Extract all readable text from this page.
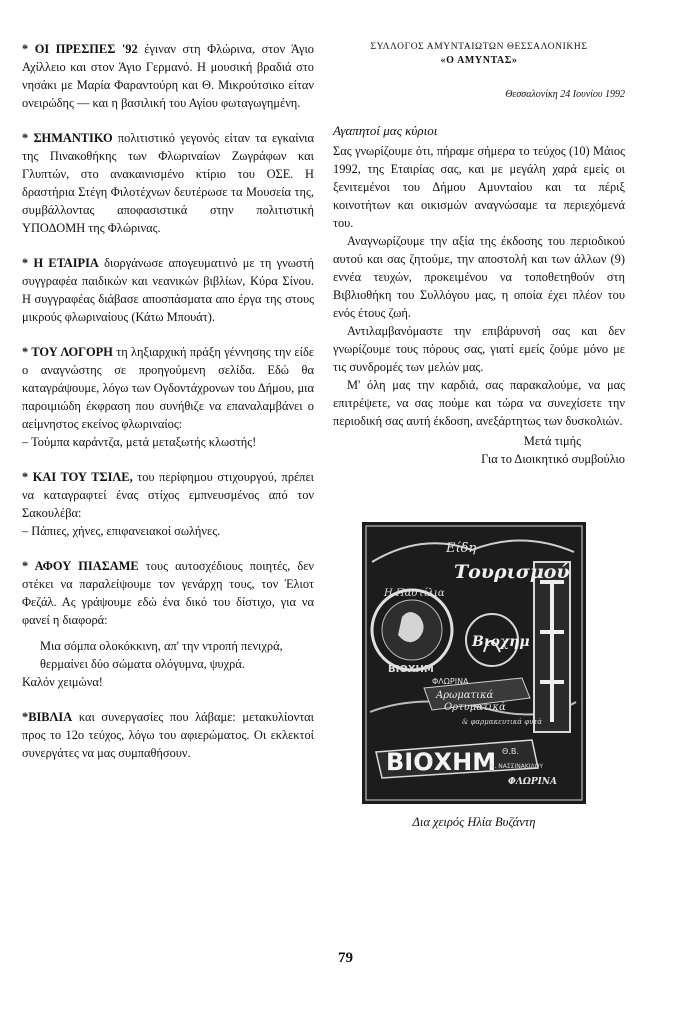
* ΟΙ ΠΡΕΣΠΕΣ '92 έγιναν στη Φλώρινα, στον Άγιο Αχίλλειο και στον Άγιο Γερμανό. Η μουσική βραδιά στο νησάκι με Μαρία Φαραντούρη και Θ. Μικρούτσικο είταν ονειρώδης — και η βασιλική του Αγίου φωταγωγημένη.

* ΣΗΜΑΝΤΙΚΟ πολιτιστικό γεγονός είταν τα εγκαίνια της Πινακοθήκης των Φλωριναίων Ζωγράφων και Γλυπτών, στο ανακαινισμένο κτίριο του ΟΣΕ. Η δραστήρια Στέγη Φιλοτέχνων δευτέρωσε τα Μουσεία της, συμβάλλοντας αποφασιστικά στην πολιτιστική ΥΠΟΔΟΜΗ της Φλώρινας.

* Η ΕΤΑΙΡΙΑ διοργάνωσε απογευματινό με τη γνωστή συγγραφέα παιδικών και νεανικών βιβλίων, Κύρα Σίνου. Η συγγραφέας διάβασε αποσπάσματα απο έργα της στους μικρούς φλωριναίους (Κάτω Μπουάτ).

* ΤΟΥ ΛΟΓΟΡΗ τη ληξιαρχική πράξη γέννησης την είδε ο αναγνώστης σε προηγούμενη σελίδα. Εδώ θα καταγράψουμε, λόγω των Ογδοντάχρονων του Δήμου, μια παροιμιώδη έκφραση που συνήθιζε να επαναλαμβάνει ο αείμνηστος εκείνος φλωριναίος:
– Τούμπα καράντζα, μετά μεταξωτής κλωστής!

* ΚΑΙ ΤΟΥ ΤΣΙΛΕ, του περίφημου στιχουργού, πρέπει να καταγραφτεί ένας στίχος εμπνευσμένος από τον Σακουλέβα:
– Πάπιες, χήνες, επιφανειακοί σωλήνες.

* ΑΦΟΥ ΠΙΑΣΑΜΕ τους αυτοσχέδιους ποιητές, δεν στέκει να παραλείψουμε τον γενάρχη τους, τον Έλιοτ Φεζάλ. Ας γράψουμε εδώ ένα δικό του δίστιχο, για να φανεί η διαφορά:

Μια σόμπα ολοκόκκινη, απ' την ντροπή πενιχρά,
θερμαίνει δύο σώματα ολόγυμνα, ψυχρά.
Καλόν χειμώνα!

*ΒΙΒΛΙΑ και συνεργασίες που λάβαμε: μετακυλίονται προς το 12ο τεύχος, λόγω του αφιερώματος. Οι εκλεκτοί συνεργάτες να μας συμπαθήσουν.

ΣΥΛΛΟΓΟΣ ΑΜΥΝΤΑΙΩΤΩΝ ΘΕΣΣΑΛΟΝΙΚΗΣ
«Ο ΑΜΥΝΤΑΣ»
Θεσσαλονίκη 24 Ιουνίου 1992
Αγαπητοί μας κύριοι

Σας γνωρίζουμε ότι, πήραμε σήμερα το τεύχος (10) Μάιος 1992, της Εταιρίας σας, και με μεγάλη χαρά εμείς οι ξενιτεμένοι του Δήμου Αμυνταίου και τα πέριξ κοινοτήτων και οικισμών αναγνώσαμε τα περιεχόμενά του.

Αναγνωρίζουμε την αξία της έκδοσης του περιοδικού αυτού και σας ζητούμε, την αποστολή και των άλλων (9) εννέα τευχών, προκειμένου να τοποθετηθούν στη Βιβλιοθήκη του Συλλόγου μας, η οποία έχει πλέον του ενός έτους ζωή.

Αντιλαμβανόμαστε την επιβάρυνσή σας και δεν γνωρίζουμε τους πόρους σας, γιατί εμείς ζούμε μόνο με τις συνδρομές των μελών μας.

Μ' όλη μας την καρδιά, σας παρακαλούμε, να μας επιτρέψετε, να σας πούμε και τώρα να συνεχίσετε την περιοδική σας αυτή έκδοση, ανεξάρτητως των δυσκολιών.

Μετά τιμής
Για το Διοικητικό συμβούλιο
Είδη
Τουρισμού
Η Παστίλια
ΒΙΟΧΗΜ
Βιοχημ
ΦΛΩΡΙΝΑ
Αρωματικά
Ορτυματικά
& φαρμακευτικά φυτά
ΒΙΟΧΗΜ Θ.Β.
Ν. ΝΑΣΣΙΝΑΚΙΔΟΥ
ΦΛΩΡΙΝΑ
Δια χειρός Ηλία Βυζάντη
79
